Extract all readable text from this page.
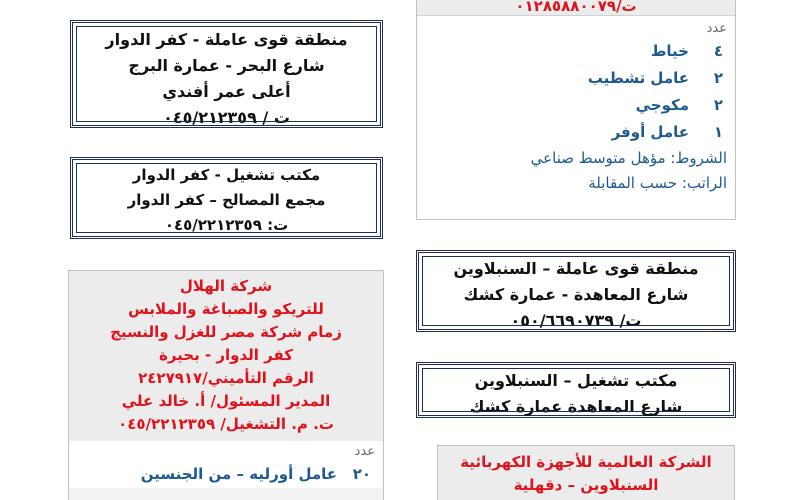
منطقة قوى عاملة - كفر الدوار
شارع البحر - عمارة البرج
أعلى عمر أفندي
ت / ٠٤٥/٢١٢٣٥٩
مكتب تشغيل - كفر الدوار
مجمع المصالح – كفر الدوار
ت: ٠٤٥/٢٢١٢٣٥٩
شركة الهلال
للتريكو والصباغة والملابس
زمام شركة مصر للغزل والنسيج
كفر الدوار - بحيرة
الرقم التأميني/٢٤٢٧٩١٧
المدير المسئول/ أ. خالد علي
ت. م. التشغيل/ ٠٤٥/٢٢١٢٣٥٩
عدد
٢٠
عامل أورليه – من الجنسين
ت/٠١٢٨٥٨٨٠٠٧٩
عدد
٤
خياط
٢
عامل تشطيب
٢
مكوجي
١
عامل أوفر
الشروط: مؤهل متوسط صناعي
الراتب: حسب المقابلة
منطقة قوى عاملة – السنبلاوين
شارع المعاهدة - عمارة كشك
ت/ ٠٥٠/٦٦٩٠٧٣٩
مكتب تشغيل – السنبلاوين
شارع المعاهدة عمارة كشك
الشركة العالمية للأجهزة الكهربائية
السنبلاوين – دقهلية
